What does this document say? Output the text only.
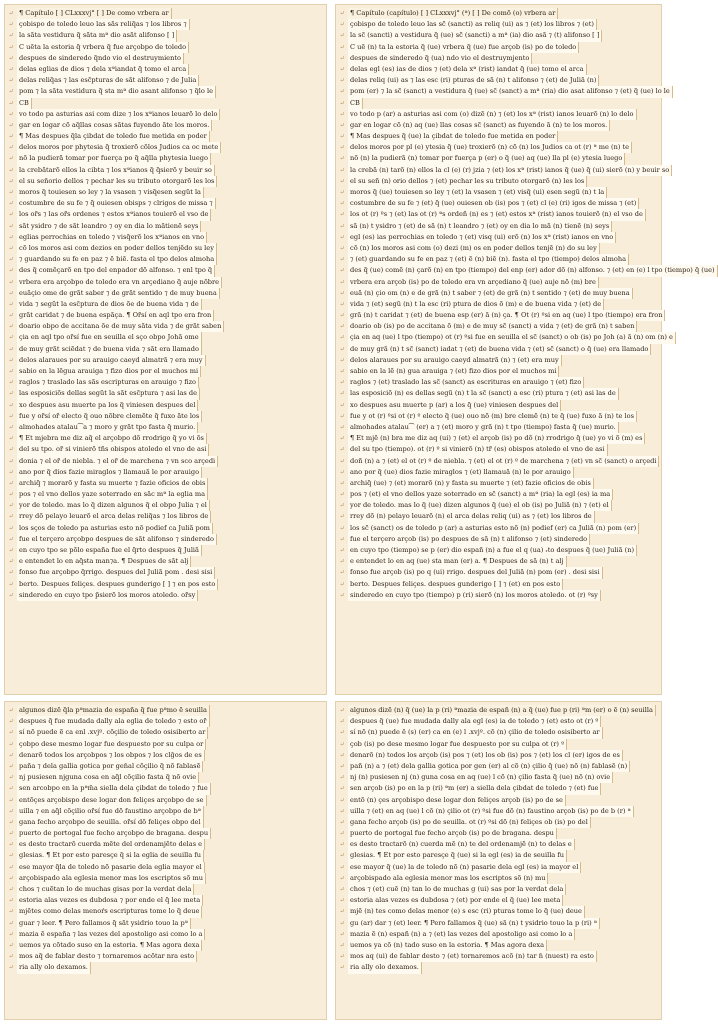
↵ ¶ Capítulo [ ] CLxxxvj° [ ] De como vrbera ar
↵ çobispo de toledo leuo las sãs reliq̃as ⁊ los libros ⁊
↵ la sãta vestidura q̃ sãta mª dio asãt alifonso [ ]
↵ C uẽta la estoria q̃ vrbera q̃ fue arçobpo de toledo
↵ despues de sinderedo q̃ndo vio el destruymiento
↵ delas eglias de dios ⁊ dela xªiandat q̃ tomo el arca
↵ delas reliq̃as ⁊ las esc̃pturas de sãt alifonso ⁊ de Julia
↵ pom ⁊ la sãta vestidura q̃ sta mª dio asant alifonso ⁊ q̃lo le
↵ CB
↵ vo todo pa asturias asi com dize ⁊ los xªianos leuarõ lo delo
↵ gar en logar cõ aq̃llas cosas sãtas fuyendo ãte los moros.
↵ ¶ Mas despues q̃la çibdat de toledo fue metida en poder
↵ delos moros por phytesia q̃ troxierõ cõlos Judios ca oc mete
↵ nõ la pudierã tomar por fuerça po q̃ aq̃lla phytesia luego
↵ la crebãtarõ ellos la cibta ⁊ los xªianos q̃ q̃sierõ y beuir so
↵ el su señorio dellos ⁊ pechar les su tributo otorgarõ les los
↵ moros q̃ touiesen so ley ⁊ la vsasen ⁊ visq̃esen segũt la
↵ costumbre de su fe ⁊ q̃ ouiesen obisps ⁊ clrigos de missa ⁊
↵ los or̃s ⁊ las or̃s ordenes ⁊ estos xªianos touierõ el vso de
↵ sãt ysidro ⁊ de sãt leandro ⁊ oy en dia lo mãtienẽ seys
↵ eglias perrochias en toledo ⁊ visq̃erõ los xªianos en vno
↵ cõ los moros asi com dezios en poder dellos tenjẽdo su ley
↵ ⁊ guardando su fe en paz ⁊ ẽ biẽ. fasta el tpo delos almoha
↵ des q̃ comẽçarõ en tpo del enpador dõ alfonso. ⁊ enl tpo q̃
↵ vrbera era arçobpo de toledo era vn arçediano q̃ auje nõbre
↵ euãçio ome de grãt saber ⁊ de grãt sentido ⁊ de muy buena
↵ vida ⁊ segũt la esc̃ptura de dios õe de buena vida ⁊ de
↵ grãt caridat ⁊ de buena espãça. ¶ Or̃sí en aql tpo era fron
↵ doario obpo de accitana õe de muy sãta vida ⁊ de grãt saben
↵ çia en aql tpo or̃sí fue en seuilla el sço obpo Johã ome
↵ de muy grãt sciẽdat ⁊ de buena vida ⁊ sãt era llamado
↵ delos alaraues por su arauigo caeyd almatrã ⁊ era muy
↵ sabio en la lẽgua arauiga ⁊ fizo dios por el muchos mi
↵ raglos ⁊ traslado las sãs escripturas en arauigo ⁊ fizo
↵ las esposiciõs dellas segũt la sãt esc̃ptura ⁊ asi las de
↵ xo despues asu muerte pa los q̃ viniesen despues del
↵ fue y or̃sí or̃ electo q̃ ouo nõbre clemẽte q̃ fuxo ãte los
↵ almohades atalau⁀a ⁊ moro y grãt tpo fasta q̃ murio.
↵ ¶ Et mjebra me diz aq̃ el arçobpo dõ rrodrigo q̃ yo vi õs
↵ del su tpo. or̃ si vinierõ tñs obispos atoledo el vno de asi
↵ donia ⁊ el or̃ de niebla. ⁊ el or̃ de marchena ⁊ vn sco arçedi
↵ ano por q̃ dios fazie miraglos ⁊ llamauã le por arauigo
↵ archiq̃ ⁊ morarõ y fasta su muerte ⁊ fazie oficios de obis
↵ pos ⁊ el vno dellos yaze soterrado en sãc mª la eglia ma
↵ yor de toledo. mas lo q̃ dizen algunos q̃ el obpo Julia ⁊ el
↵ rrey dõ pelayo leuarõ el arca delas reliq̃as ⁊ los libros de
↵ los sços de toledo pa asturias esto nõ podief ca Juliã pom
↵ fue el terçero arçobpo despues de sãt alifonso ⁊ sinderedo
↵ en cuyo tpo se põlo españa fue el q̃rto despues q̃ Juliã
↵ e entendet lo en aq̃sta man⁊a. ¶ Despues de sãt alj
↵ fonso fue arçobpo q̃rrigo. despues del Juliã pom . desi sisi
↵ berto. Despues feliçes. despues gunderigo [ ] ⁊ en pos esto
↵ sinderedo en cuyo tpo p̃sierõ los moros atoledo. or̃sy
↵ ¶ Capítulo (capítulo) [ ] CLxxxvj° (ª) [ ] De comõ (o) vrbera ar
↵ çobispo de toledo leuo las sc̃ (sancti) as reliq (ui) as ⁊ (et) los libros ⁊ (et)
↵ la sc̃ (sancti) a vestidura q̃ (ue) sc̃ (sancti) a mª (ia) dio asã ⁊ (t) alifonso [ ]
↵ C uẽ (n) ta la estoria q̃ (ue) vrbera q̃ (ue) fue arçob (is) po de toledo
↵ despues de sinderedo q̃ (ua) ndo vio el destruymjento
↵ delas egl (es) ias de dios ⁊ (et) dela xª (rist) iandat q̃ (ue) tomo el arca
↵ delas reliq (ui) as ⁊ las esc (ri) pturas de sã (n) t alifonso ⁊ (et) de Juliã (n)
↵ pom (er) ⁊ la sc̃ (sanct) a vestidura q̃ (ue) sc̃ (sanct) a mª (ria) dio asat alifonso ⁊ (et) q̃ (ue) lo le
↵ CB
↵ vo todo p (ar) a asturias asi com (o) dizẽ (n) ⁊ (et) los xª (rist) ianos leuarõ (n) lo delo
↵ gar en logar cõ (n) aq (ue) llas cosas sc̃ (sanct) as fuyendo ã (n) te los moros.
↵ ¶ Mas despues q̃ (ue) la çibdat de toledo fue metida en poder
↵ delos moros por pl (e) ytesia q̃ (ue) troxierõ (n) cõ (n) los Judios ca ot (r) ª me (n) te
↵ nõ (n) la pudierã (n) tomar por fuerça p (er) o q̃ (ue) aq (ue) lla pl (e) ytesia luego
↵ la crebã (n) tarõ (n) ellos la cl (e) (r) jzia ⁊ (et) los xª (rist) ianos q̃ (ue) q̃ (ui) sierõ (n) y beuir so
↵ el su señ (n) orio dellos ⁊ (et) pechar les su tributo otorgarõ (n) les los
↵ moros q̃ (ue) touiesen so ley ⁊ (et) la vsasen ⁊ (et) visq̃ (ui) esen segũ (n) t la
↵ costumbre de su fe ⁊ (et) q̃ (ue) ouiesen ob (is) pos ⁊ (et) cl (e) (ri) igos de missa ⁊ (et)
↵ los ot (r) ºs ⁊ (et) las ot (r) ªs ordeñ (n) es ⁊ (et) estos xª (rist) ianos touierõ (n) el vso de
↵ sã (n) t ysidro ⁊ (et) de sã (n) t leandro ⁊ (et) oy en dia lo mã (n) tienẽ (n) seys
↵ egl (es) ias perrochias en toledo ⁊ (et) visq (ui) erõ (n) los xª (rist) ianos en vno
↵ cõ (n) los moros asi com (o) dezi (m) os en poder dellos tenjẽ (n) do su ley
↵ ⁊ (et) guardando su fe en paz ⁊ (et) ẽ (n) biẽ (n). fasta el tpo (tiempo) delos almoha
↵ des q̃ (ue) comẽ (n) çarõ (n) en tpo (tiempo) del enp (er) ador dõ (n) alfonso. ⁊ (et) en (e) l tpo (tiempo) q̃ (ue)
↵ vrbera era arçob (is) po de toledo era vn arçediano q̃ (ue) auje nõ (m) bre
↵ euã (n) çio om (n) e de grã (n) t saber ⁊ (et) de grã (n) t sentido ⁊ (et) de muy buena
↵ vida ⁊ (et) segũ (n) t la esc (ri) ptura de dios õ (m) e de buena vida ⁊ (et) de
↵ grã (n) t caridat ⁊ (et) de buena esp (er) ã (n) ça. ¶ Ot (r) ºsi en aq (ue) l tpo (tiempo) era fron
↵ doario ob (is) po de accitana õ (m) e de muy sc̃ (sanct) a vida ⁊ (et) de grã (n) t saben
↵ çia en aq (ue) l tpo (tiempo) ot (r) ºsi fue en seuilla el sc̃ (sanct) o ob (is) po Joh (a) ã (n) om (n) e
↵ de muy grã (n) t sc̃ (sanct) iadat ⁊ (et) de buena vida ⁊ (et) sc̃ (sanct) o q̃ (ue) era llamado
↵ delos alaraues por su arauigo caeyd almatrã (n) ⁊ (et) era muy
↵ sabio en la lẽ (n) gua arauiga ⁊ (et) fizo dios por el muchos mi
↵ raglos ⁊ (et) traslado las sc̃ (sanct) as escrituras en arauigo ⁊ (et) fizo
↵ las esposiciõ (n) es dellas segũ (n) t la sc̃ (sanct) a esc (ri) ptura ⁊ (et) asi las de
↵ xo despues asu muerte p (ar) a los q̃ (ue) viniesen despues del
↵ fue y ot (r) ºsi ot (r) º electo q̃ (ue) ouo nõ (m) bre clemẽ (n) te q̃ (ue) fuxo ã (n) te los
↵ almohades atalau⁀ (er) a ⁊ (et) moro y grã (n) t tpo (tiempo) fasta q̃ (ue) murio.
↵ ¶ Et mjẽ (n) bra me diz aq (ui) ⁊ (et) el arçob (is) po dõ (n) rrodrigo q̃ (ue) yo vi õ (m) es
↵ del su tpo (tiempo). ot (r) º si vinierõ (n) tr̃ (es) obispos atoledo el vno de asi
↵ doñ (n) a ⁊ (et) el ot (r) º de niebla. ⁊ (et) el ot (r) º de marchena ⁊ (et) vn sc̃ (sanct) o arçedi
↵ ano por q̃ (ue) dios fazie miraglos ⁊ (et) llamauã (n) le por arauigo
↵ archiq̃ (ue) ⁊ (et) morarõ (n) y fasta su muerte ⁊ (et) fazie oficios de obis
↵ pos ⁊ (et) el vno dellos yaze soterrado en sc̃ (sanct) a mª (ria) la egl (es) ia ma
↵ yor de toledo. mas lo q̃ (ue) dizen algunos q̃ (ue) el ob (is) po Juliã (n) ⁊ (et) el
↵ rrey dõ (n) pelayo leuarõ (n) el arca delas reliq (ui) as ⁊ (et) los libros de
↵ los sc̃ (sanct) os de toledo p (ar) a asturias esto nõ (n) podief (er) ca Juliã (n) pom (er)
↵ fue el terçero arçob (is) po despues de sã (n) t alifonso ⁊ (et) sinderedo
↵ en cuyo tpo (tiempo) se p (er) dio españ (n) a fue el q (ua) ᵣto despues q̃ (ue) Juliã (n)
↵ e entendet lo en aq (ue) sta man (er) a. ¶ Despues de sã (n) t alj
↵ fonso fue arçob (is) po q (ui) rrigo. despues del Juliã (n) pom (er) . desi sisi
↵ berto. Despues feliçes. despues gunderigo [ ] ⁊ (et) en pos esto
↵ sinderedo en cuyo tpo (tiempo) p (ri) sierõ (n) los moros atoledo. ot (r) ºsy
↵ algunos dizẽ q̃la pªmazia de españa q̃ fue pªmo ẽ seuilla
↵ despues q̃ fue mudada dally ala eglia de toledo ⁊ esto or̃
↵ sí nõ puede ẽ ca enl .xvjº. cõçilio de toledo osisiberto ar
↵ çobpo dese mesmo logar fue despuesto por su culpa or
↵ denarõ todos los arçobpos ⁊ los obpos ⁊ los clḡos de es
↵ paña ⁊ dela gallia gotica por gen̄al cõçilio q̃ nõ fablasẽ
↵ nj pusiesen njguna cosa en aq̃l cõçilio fasta q̃ nõ ovie
↵ sen arcobpo en la pªm̃a siella dela çibdat de toledo ⁊ fue
↵ entõçes arçobispo dese logar don feliçes arçobpo de se
↵ uilla ⁊ en aq̃l cõçilio or̃sí fue dõ faustino arçobpo de bª
↵ gana fecho arçobpo de seuilla. or̃sí dõ feliçes obpo del
↵ puerto de portogal fue fecho arçobpo de bragana. despu
↵ es desto tractarõ cuerda mẽte del ordenamjẽto delas e
↵ glesias. ¶ Et por esto paresçe q̃ si la eglia de seuilla fu
↵ ese mayor q̃la de toledo nõ pasarie dela eglia mayor el
↵ arçobispado ala eglesia menor mas los escriptos sõ mu
↵ chos ⁊ cuẽtan lo de muchas gisas por la verdat dela
↵ estoria alas vezes es dubdosa ⁊ por ende el q̃ lee meta
↵ mjẽtes como delas menoŕs escripturas tome lo q̃ deue
↵ guar ⁊ leer. ¶ Pero fallamos q̃ sãt ysidrio touo la pª
↵ mazia ẽ españa ⁊ las vezes del apostoligo asi como lo a
↵ uemos ya cõtado suso en la estoria. ¶ Mas agora dexa
↵ mos aq̃ de fablar desto ⁊ tornaremos acõtar nra esto
↵ ria ally olo dexamos.
↵ algunos dizẽ (n) q̃ (ue) la p (ri) ªmazia de españ (n) a q̃ (ue) fue p (ri) ªm (er) o ẽ (n) seuilla
↵ despues q̃ (ue) fue mudada dally ala egl (es) ia de toledo ⁊ (et) esto ot (r) º
↵ sí nõ (n) puede ẽ (s) (er) ca en (e) l .xvjº. cõ (n) çilio de toledo osisiberto ar
↵ çob (is) po dese mesmo logar fue despuesto por su culpa ot (r) º
↵ denarõ (n) todos los arçob (is) pos ⁊ (et) los ob (is) pos ⁊ (et) los cl (er) igos de es
↵ pañ (n) a ⁊ (et) dela gallia gotica por gen (er) al cõ (n) çilio q̃ (ue) nõ (n) fablasẽ (n)
↵ nj (n) pusiesen nj (n) guna cosa en aq (ue) l cõ (n) çilio fasta q̃ (ue) nõ (n) ovie
↵ sen arçob (is) po en la p (ri) ªm (er) a siella dela çibdat de toledo ⁊ (et) fue
↵ entõ (n) çes arçobispo dese logar don feliçes arçob (is) po de se
↵ uilla ⁊ (et) en aq (ue) l cõ (n) çilio ot (r) ºsi fue dõ (n) faustino arçob (is) po de b (r) ª
↵ gana fecho arçob (is) po de seuilla. ot (r) ºsi dõ (n) feliçes ob (is) po del
↵ puerto de portogal fue fecho arçob (is) po de bragana. despu
↵ es desto tractarõ (n) cuerda mẽ (n) te del ordenamjẽ (n) to delas e
↵ glesias. ¶ Et por esto paresçe q̃ (ue) si la egl (es) ia de seuilla fu
↵ ese mayor q̃ (ue) la de toledo nõ (n) pasarie dela egl (es) ia mayor el
↵ arçobispado ala eglesia menor mas los escriptos sõ (n) mu
↵ chos ⁊ (et) cuẽ (n) tan lo de muchas g (ui) sas por la verdat dela
↵ estoria alas vezes es dubdosa ⁊ (et) por ende el q̃ (ue) lee meta
↵ mjẽ (n) tes como delas menor (e) s esc (ri) pturas tome lo q̃ (ue) deue
↵ gu (ar) dar ⁊ (et) leer. ¶ Pero fallamos q̃ (ue) sã (n) t ysidrio touo la p (ri) ª
↵ mazia ẽ (n) españ (n) a ⁊ (et) las vezes del apostoligo asi como lo a
↵ uemos ya cõ (n) tado suso en la estoria. ¶ Mas agora dexa
↵ mos aq (ui) de fablar desto ⁊ (et) tornaremos acõ (n) tar n̄ (nuest) ra esto
↵ ria ally olo dexamos.
